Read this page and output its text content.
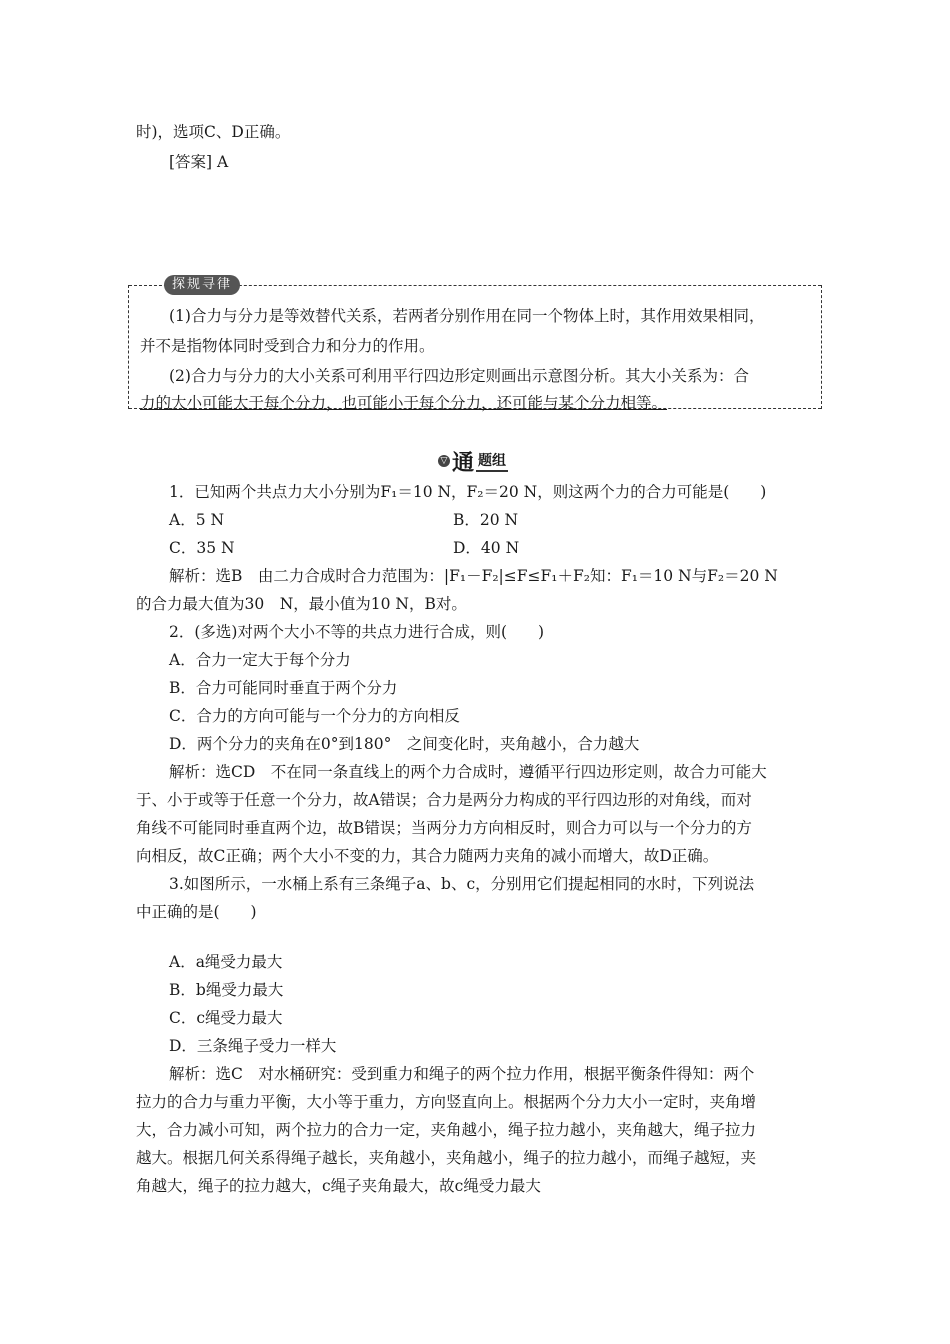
时)，选项C、D正确。
[答案] A
探规寻律
(1)合力与分力是等效替代关系，若两者分别作用在同一个物体上时，其作用效果相同，
并不是指物体同时受到合力和分力的作用。
(2)合力与分力的大小关系可利用平行四边形定则画出示意图分析。其大小关系为：合
力的大小可能大于每个分力，也可能小于每个分力，还可能与某个分力相等。
▽ 通 题组
1．已知两个共点力大小分别为F₁＝10 N，F₂＝20 N，则这两个力的合力可能是(　　)
A．5 N	B．20 N
C．35 N	D．40 N
解析：选B　由二力合成时合力范围为：|F₁－F₂|≤F≤F₁＋F₂知：F₁＝10 N与F₂＝20 N
的合力最大值为30　N，最小值为10 N，B对。
2．(多选)对两个大小不等的共点力进行合成，则(　　)
A．合力一定大于每个分力
B．合力可能同时垂直于两个分力
C．合力的方向可能与一个分力的方向相反
D．两个分力的夹角在0°到180°　之间变化时，夹角越小，合力越大
解析：选CD　不在同一条直线上的两个力合成时，遵循平行四边形定则，故合力可能大
于、小于或等于任意一个分力，故A错误；合力是两分力构成的平行四边形的对角线，而对
角线不可能同时垂直两个边，故B错误；当两分力方向相反时，则合力可以与一个分力的方
向相反，故C正确；两个大小不变的力，其合力随两力夹角的减小而增大，故D正确。
3.如图所示，一水桶上系有三条绳子a、b、c，分别用它们提起相同的水时，下列说法
中正确的是(　　)
A．a绳受力最大
B．b绳受力最大
C．c绳受力最大
D．三条绳子受力一样大
解析：选C　对水桶研究：受到重力和绳子的两个拉力作用，根据平衡条件得知：两个
拉力的合力与重力平衡，大小等于重力，方向竖直向上。根据两个分力大小一定时，夹角增
大，合力减小可知，两个拉力的合力一定，夹角越小，绳子拉力越小，夹角越大，绳子拉力
越大。根据几何关系得绳子越长，夹角越小，夹角越小，绳子的拉力越小，而绳子越短，夹
角越大，绳子的拉力越大，c绳子夹角最大，故c绳受力最大
